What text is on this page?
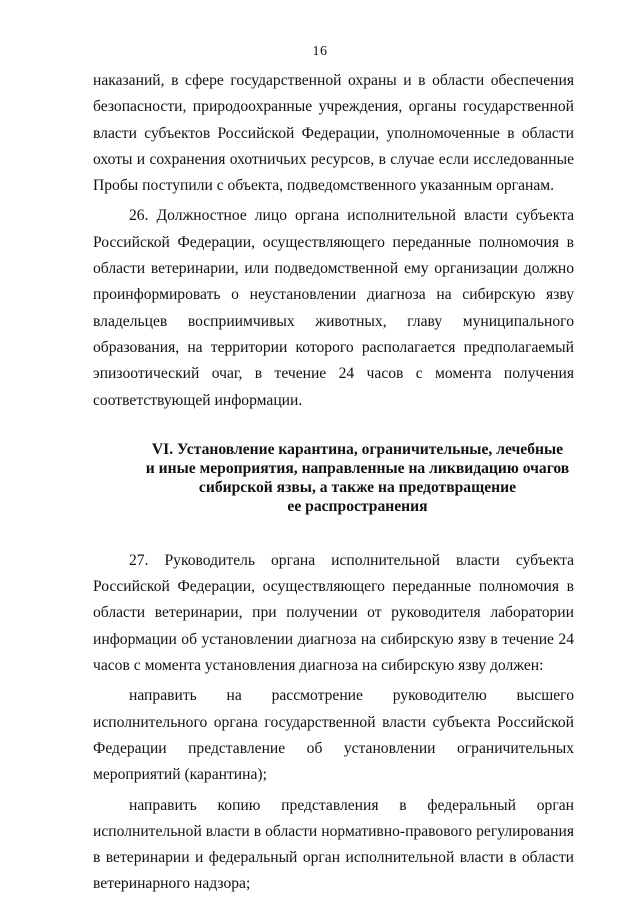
16

наказаний, в сфере государственной охраны и в области обеспечения безопасности, природоохранные учреждения, органы государственной власти субъектов Российской Федерации, уполномоченные в области охоты и сохранения охотничьих ресурсов, в случае если исследованные Пробы поступили с объекта, подведомственного указанным органам.

26. Должностное лицо органа исполнительной власти субъекта Российской Федерации, осуществляющего переданные полномочия в области ветеринарии, или подведомственной ему организации должно проинформировать о неустановлении диагноза на сибирскую язву владельцев восприимчивых животных, главу муниципального образования, на территории которого располагается предполагаемый эпизоотический очаг, в течение 24 часов с момента получения соответствующей информации.

VI. Установление карантина, ограничительные, лечебные
и иные мероприятия, направленные на ликвидацию очагов
сибирской язвы, а также на предотвращение
ее распространения

27. Руководитель органа исполнительной власти субъекта Российской Федерации, осуществляющего переданные полномочия в области ветеринарии, при получении от руководителя лаборатории информации об установлении диагноза на сибирскую язву в течение 24 часов с момента установления диагноза на сибирскую язву должен:

направить на рассмотрение руководителю высшего исполнительного органа государственной власти субъекта Российской Федерации представление об установлении ограничительных мероприятий (карантина);

направить копию представления в федеральный орган исполнительной власти в области нормативно-правового регулирования в ветеринарии и федеральный орган исполнительной власти в области ветеринарного надзора;
